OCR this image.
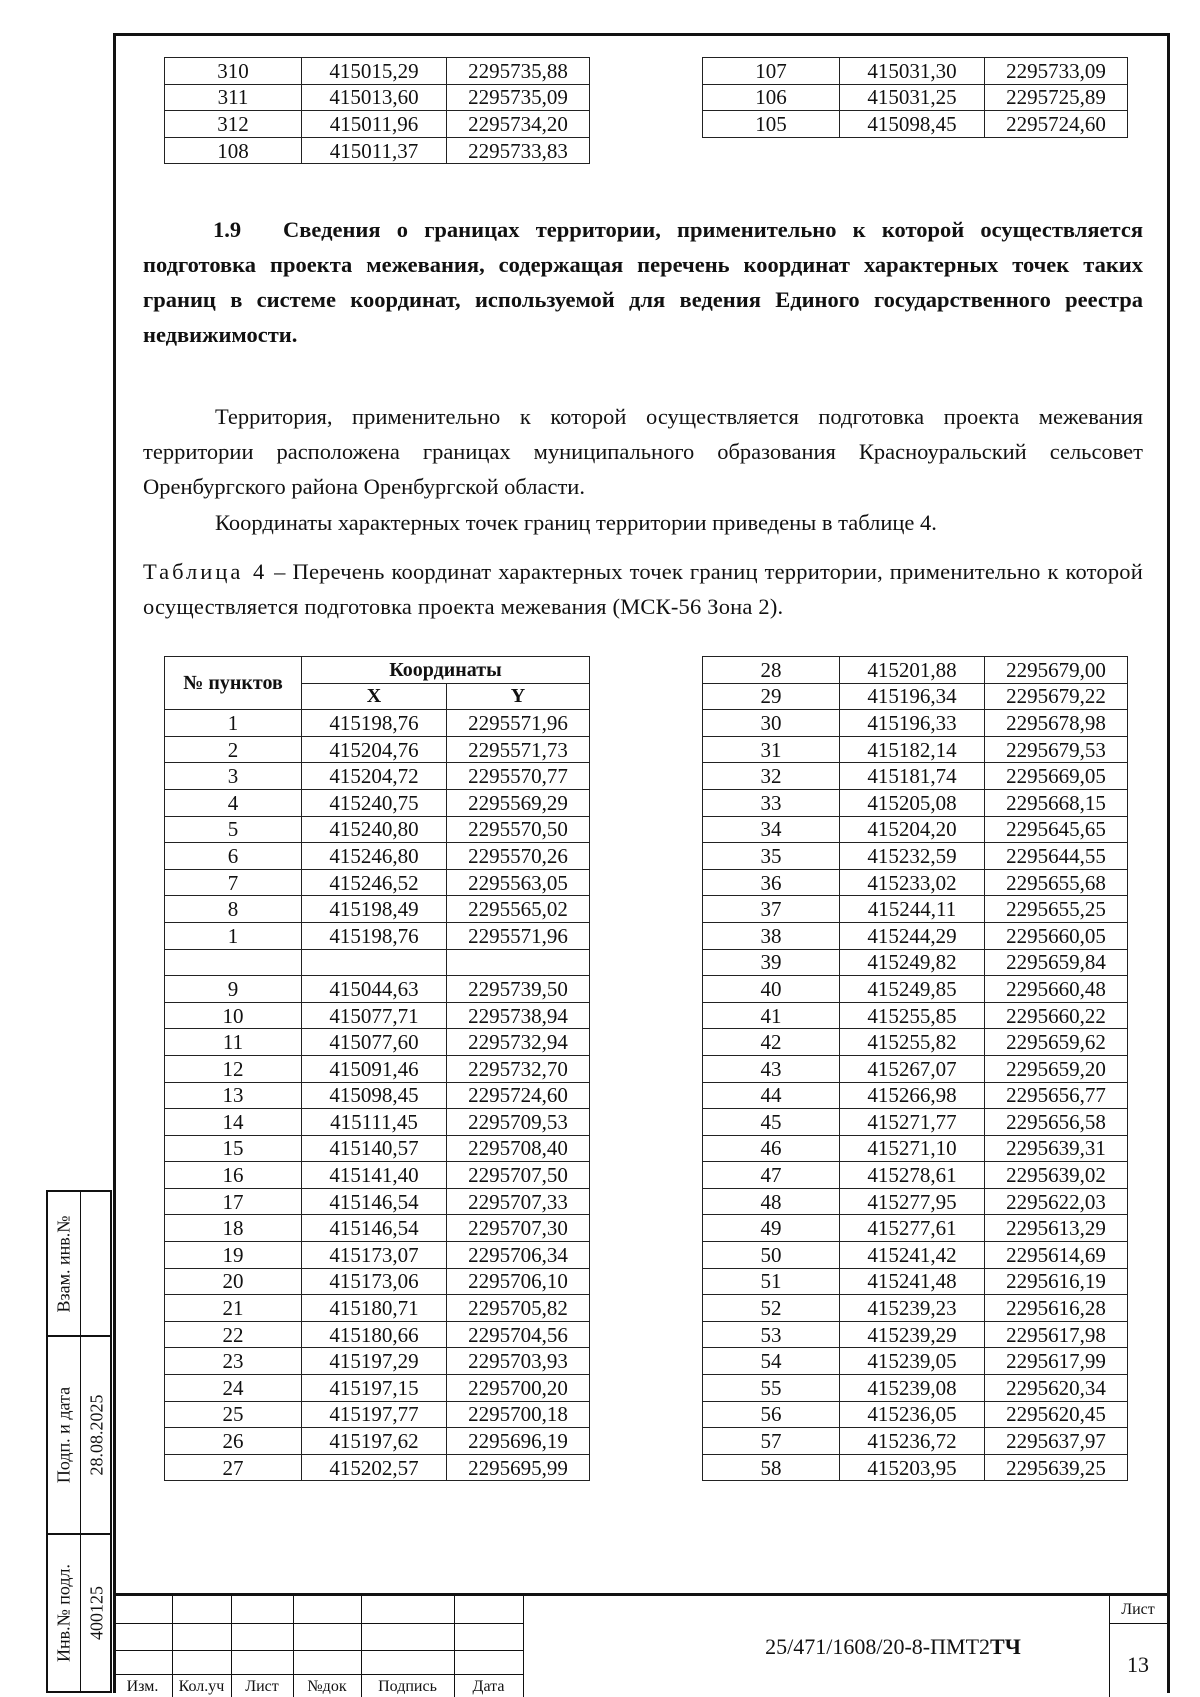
310	415015,29	2295735,88
311	415013,60	2295735,09
312	415011,96	2295734,20
108	415011,37	2295733,83
107	415031,30	2295733,09
106	415031,25	2295725,89
105	415098,45	2295724,60
1.9 Сведения о границах территории, применительно к которой осуществляется подготовка проекта межевания, содержащая перечень координат характерных точек таких границ в системе координат, используемой для ведения Единого государственного реестра недвижимости.

Территория, применительно к которой осуществляется подготовка проекта межевания территории расположена границах муниципального образования Красноуральский сельсовет Оренбургского района Оренбургской области.

Координаты характерных точек границ территории приведены в таблице 4.

Таблица 4 – Перечень координат характерных точек границ территории, применительно к которой осуществляется подготовка проекта межевания (МСК-56 Зона 2).
№ пунктов	Координаты	
	X	Y
1	415198,76	2295571,96
2	415204,76	2295571,73
3	415204,72	2295570,77
4	415240,75	2295569,29
5	415240,80	2295570,50
6	415246,80	2295570,26
7	415246,52	2295563,05
8	415198,49	2295565,02
1	415198,76	2295571,96

9	415044,63	2295739,50
10	415077,71	2295738,94
11	415077,60	2295732,94
12	415091,46	2295732,70
13	415098,45	2295724,60
14	415111,45	2295709,53
15	415140,57	2295708,40
16	415141,40	2295707,50
17	415146,54	2295707,33
18	415146,54	2295707,30
19	415173,07	2295706,34
20	415173,06	2295706,10
21	415180,71	2295705,82
22	415180,66	2295704,56
23	415197,29	2295703,93
24	415197,15	2295700,20
25	415197,77	2295700,18
26	415197,62	2295696,19
27	415202,57	2295695,99
28	415201,88	2295679,00
29	415196,34	2295679,22
30	415196,33	2295678,98
31	415182,14	2295679,53
32	415181,74	2295669,05
33	415205,08	2295668,15
34	415204,20	2295645,65
35	415232,59	2295644,55
36	415233,02	2295655,68
37	415244,11	2295655,25
38	415244,29	2295660,05
39	415249,82	2295659,84
40	415249,85	2295660,48
41	415255,85	2295660,22
42	415255,82	2295659,62
43	415267,07	2295659,20
44	415266,98	2295656,77
45	415271,77	2295656,58
46	415271,10	2295639,31
47	415278,61	2295639,02
48	415277,95	2295622,03
49	415277,61	2295613,29
50	415241,42	2295614,69
51	415241,48	2295616,19
52	415239,23	2295616,28
53	415239,29	2295617,98
54	415239,05	2295617,99
55	415239,08	2295620,34
56	415236,05	2295620,45
57	415236,72	2295637,97
58	415203,95	2295639,25
Взам. инв.№
Подп. и дата 28.08.2025
Инв.№ подл. 400125
Изм.	Кол.уч	Лист	№док	Подпись	Дата
25/471/1608/20-8-ПМТ2ТЧ
Лист
13
